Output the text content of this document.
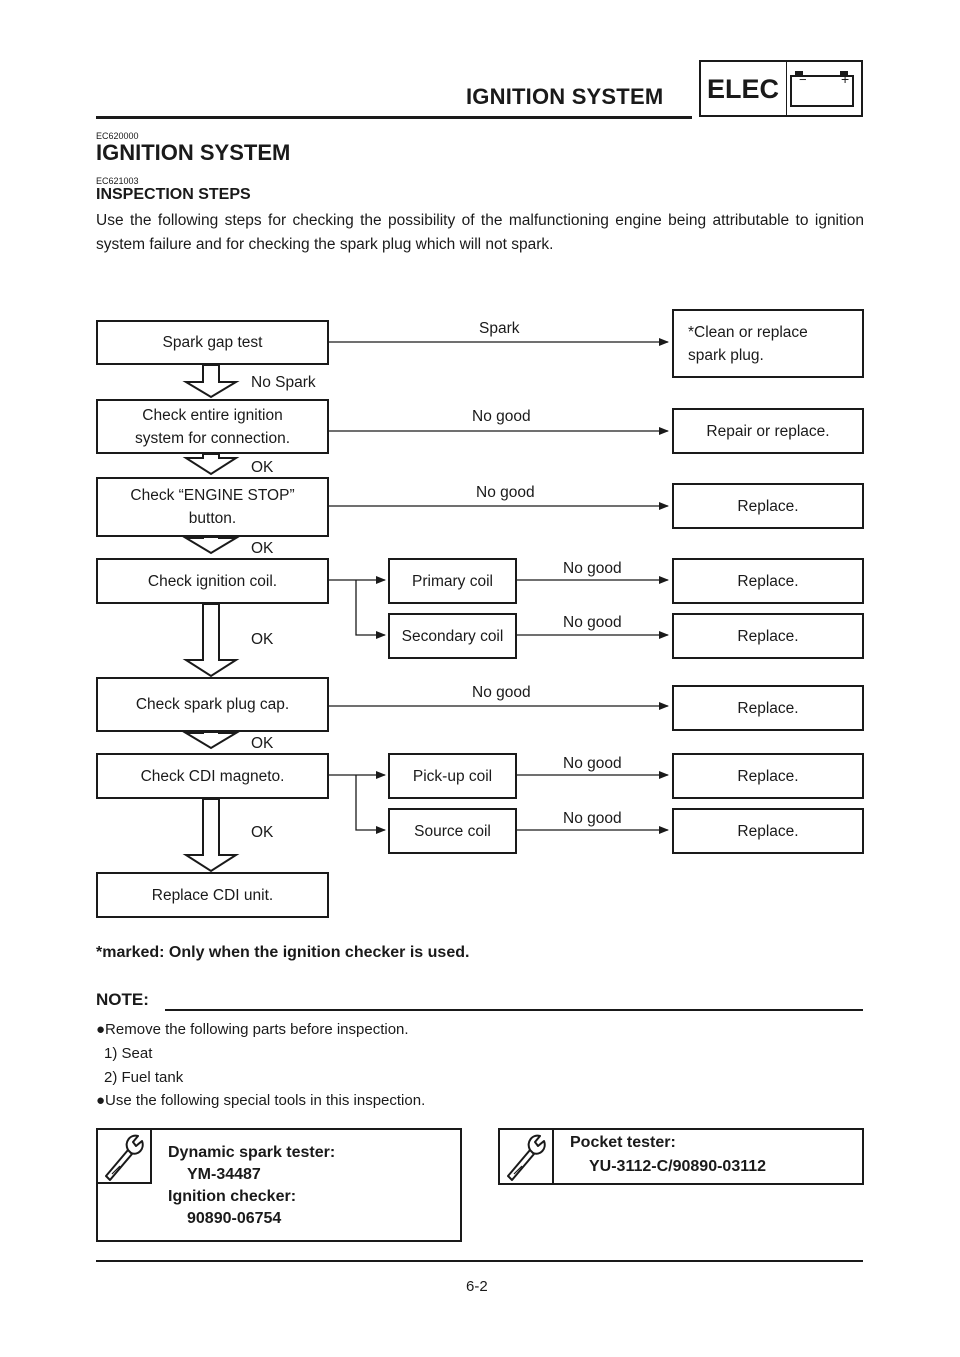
IGNITION SYSTEM ELEC − +
EC620000
IGNITION SYSTEM
EC621003
INSPECTION STEPS
Use the following steps for checking the possibility of the malfunctioning engine being attributable to ignition system failure and for checking the spark plug which will not spark.
Spark gap test
Check entire ignition
system for connection.
Check “ENGINE STOP”
button.
Check ignition coil.
Check spark plug cap.
Check CDI magneto.
Replace CDI unit.
No Spark
OK
OK
OK
OK
OK
Primary coil
Secondary coil
Pick-up coil
Source coil
Spark
No good
No good
No good
No good
No good
No good
No good
*Clean or replace
spark plug.
Repair or replace.
Replace.
Replace.
Replace.
Replace.
Replace.
Replace.
*marked: Only when the ignition checker is used.
NOTE:
●Remove the following parts before inspection.
1) Seat
2) Fuel tank
●Use the following special tools in this inspection.
Dynamic spark tester:
YM-34487
Ignition checker:
90890-06754
Pocket tester:
YU-3112-C/90890-03112
6-2
